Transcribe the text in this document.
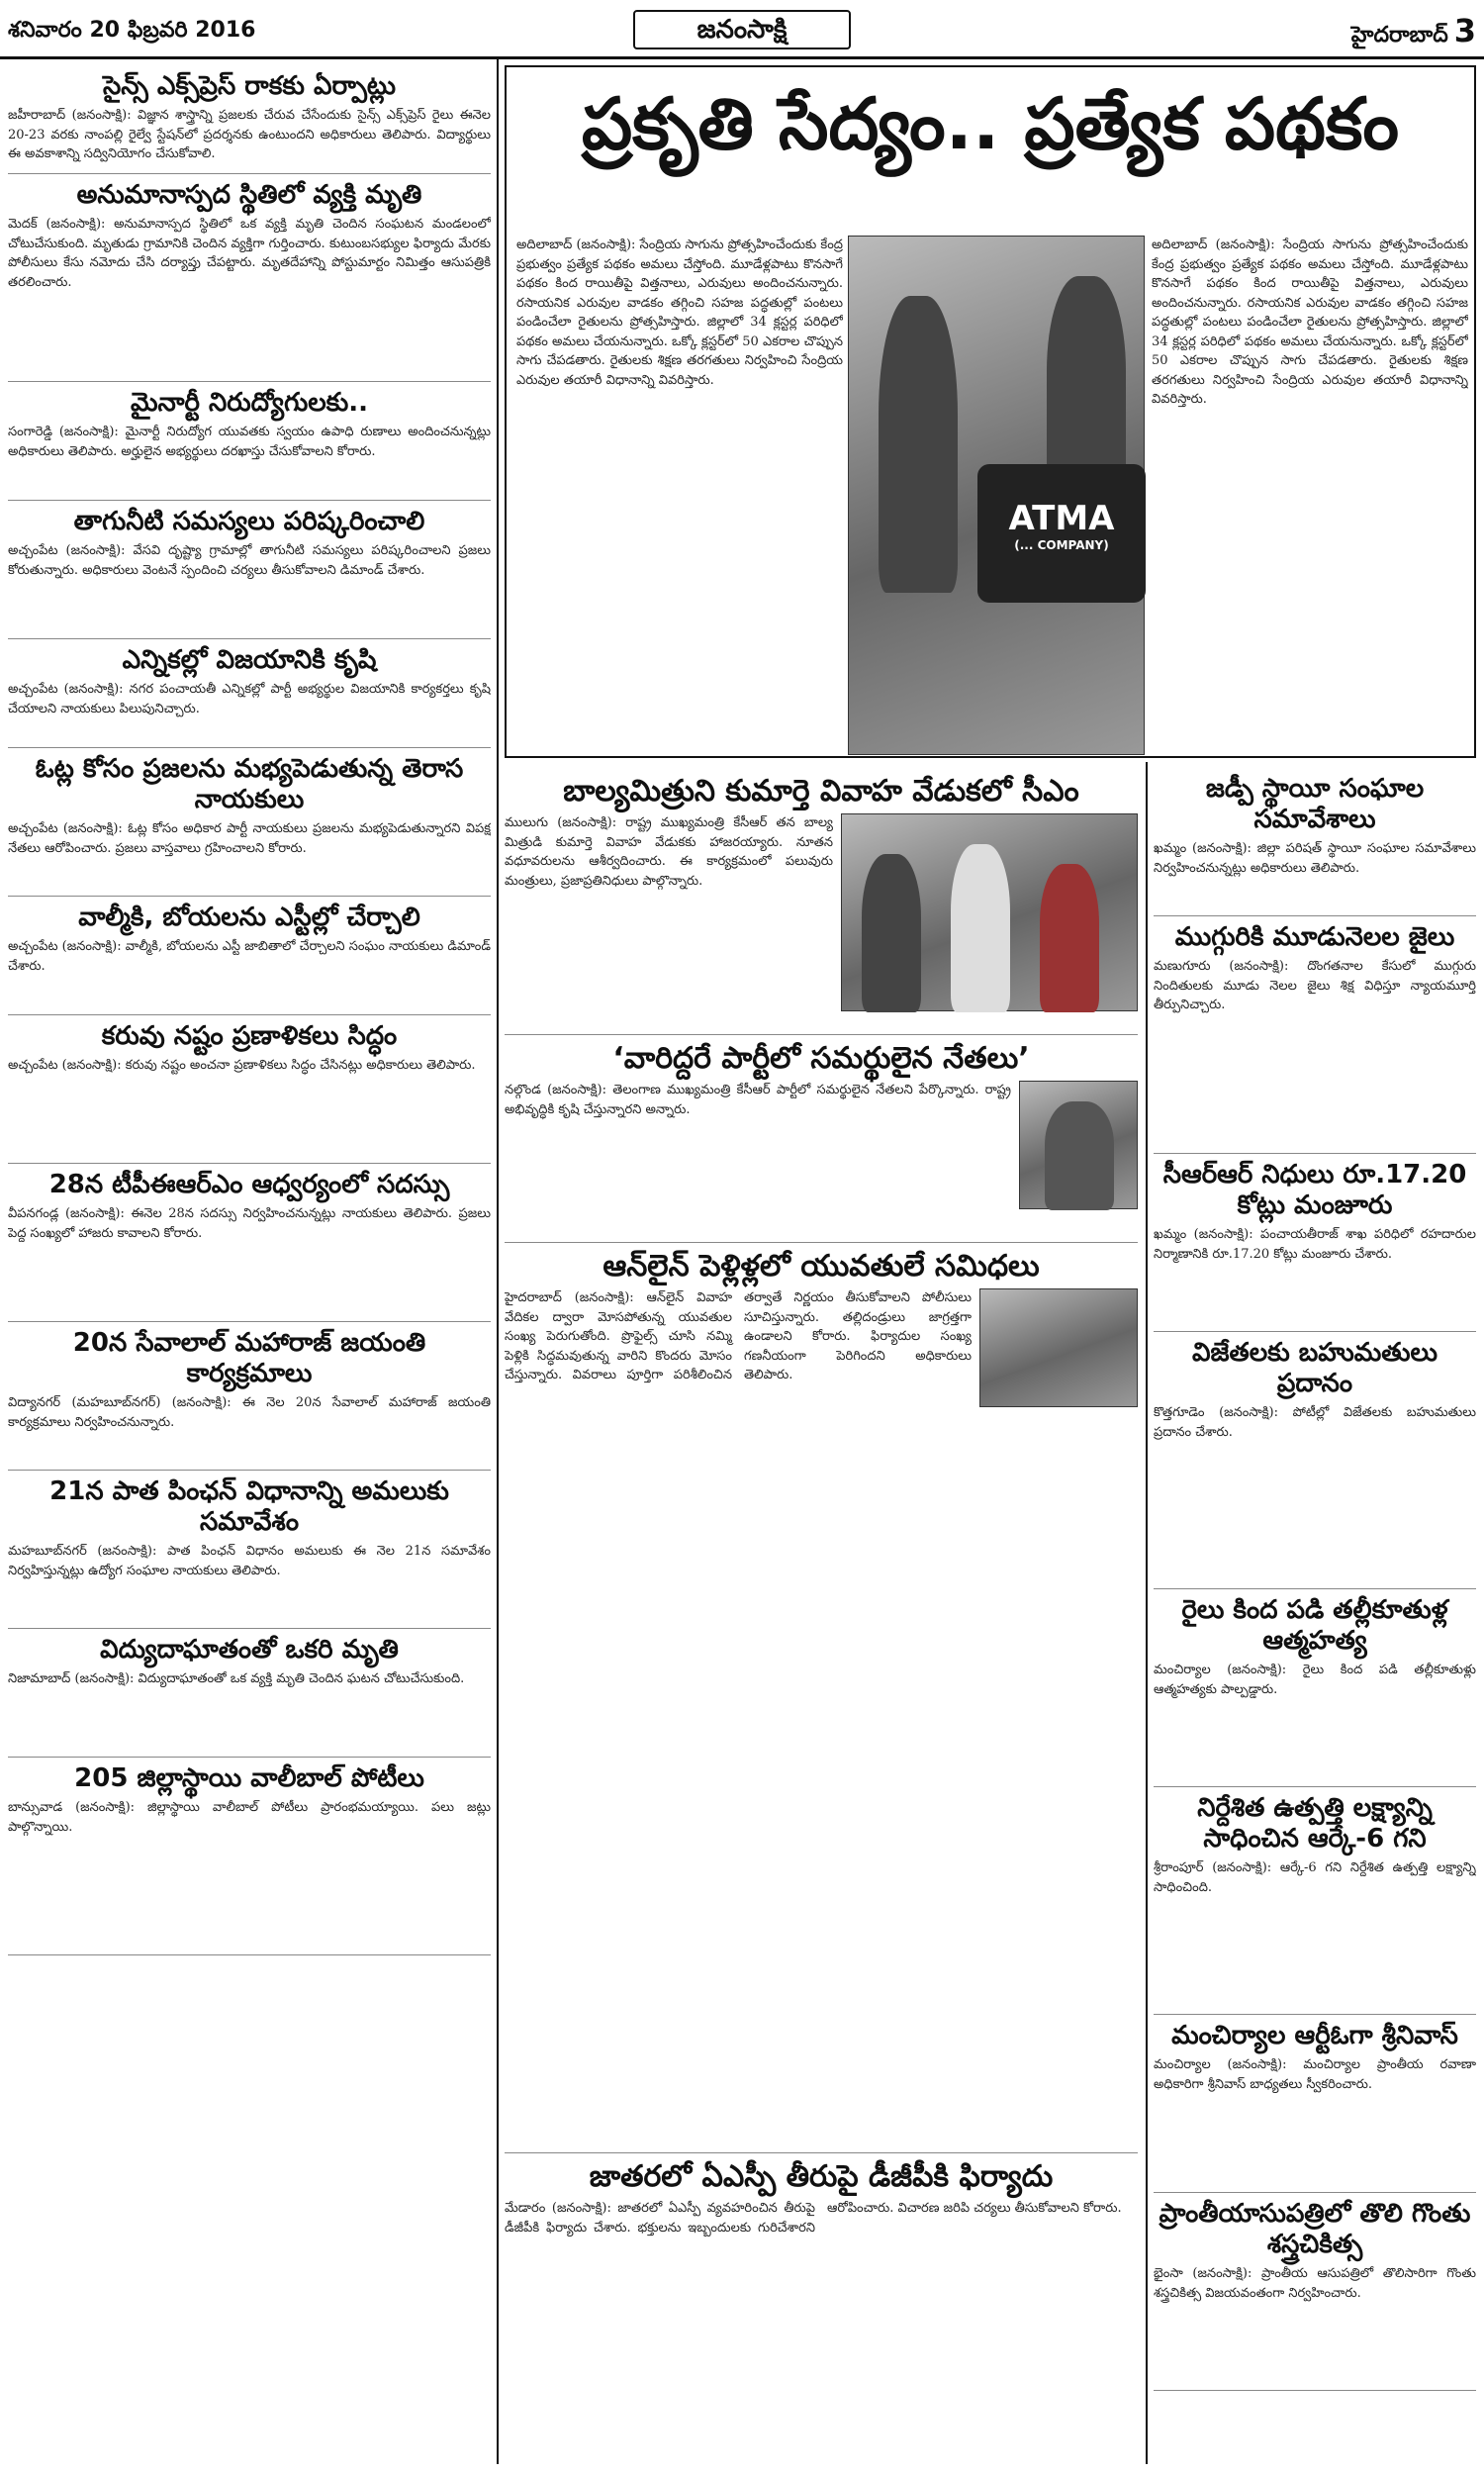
శనివారం 20 ఫిబ్రవరి 2016	జనంసాక్షి	హైదరాబాద్ 3
సైన్స్‌ ఎక్స్‌ప్రెస్‌ రాకకు ఏర్పాట్లు
జహీరాబాద్‌ (జనంసాక్షి): విజ్ఞాన శాస్త్రాన్ని ప్రజలకు చేరువ చేసేందుకు సైన్స్‌ ఎక్స్‌ప్రెస్‌ రైలు ఈనెల 20-23 వరకు నాంపల్లి రైల్వే స్టేషన్‌లో ప్రదర్శనకు ఉంటుందని అధికారులు తెలిపారు. విద్యార్థులు ఈ అవకాశాన్ని సద్వినియోగం చేసుకోవాలి.
అనుమానాస్పద స్థితిలో వ్యక్తి మృతి
మెదక్‌ (జనంసాక్షి): అనుమానాస్పద స్థితిలో ఒక వ్యక్తి మృతి చెందిన సంఘటన మండలంలో చోటుచేసుకుంది. మృతుడు గ్రామానికి చెందిన వ్యక్తిగా గుర్తించారు. కుటుంబసభ్యుల ఫిర్యాదు మేరకు పోలీసులు కేసు నమోదు చేసి దర్యాప్తు చేపట్టారు. మృతదేహాన్ని పోస్టుమార్టం నిమిత్తం ఆసుపత్రికి తరలించారు.
మైనార్టీ నిరుద్యోగులకు..
సంగారెడ్డి (జనంసాక్షి): మైనార్టీ నిరుద్యోగ యువతకు స్వయం ఉపాధి రుణాలు అందించనున్నట్లు అధికారులు తెలిపారు. అర్హులైన అభ్యర్థులు దరఖాస్తు చేసుకోవాలని కోరారు.
తాగునీటి సమస్యలు పరిష్కరించాలి
అచ్చంపేట (జనంసాక్షి): వేసవి దృష్ట్యా గ్రామాల్లో తాగునీటి సమస్యలు పరిష్కరించాలని ప్రజలు కోరుతున్నారు. అధికారులు వెంటనే స్పందించి చర్యలు తీసుకోవాలని డిమాండ్‌ చేశారు.
ఎన్నికల్లో విజయానికి కృషి
అచ్చంపేట (జనంసాక్షి): నగర పంచాయతీ ఎన్నికల్లో పార్టీ అభ్యర్థుల విజయానికి కార్యకర్తలు కృషి చేయాలని నాయకులు పిలుపునిచ్చారు.
ఓట్ల కోసం ప్రజలను మభ్యపెడుతున్న తెరాస నాయకులు
అచ్చంపేట (జనంసాక్షి): ఓట్ల కోసం అధికార పార్టీ నాయకులు ప్రజలను మభ్యపెడుతున్నారని విపక్ష నేతలు ఆరోపించారు. ప్రజలు వాస్తవాలు గ్రహించాలని కోరారు.
వాల్మీకి, బోయలను ఎస్టీల్లో చేర్చాలి
అచ్చంపేట (జనంసాక్షి): వాల్మీకి, బోయలను ఎస్టీ జాబితాలో చేర్చాలని సంఘం నాయకులు డిమాండ్‌ చేశారు.
కరువు నష్టం ప్రణాళికలు సిద్ధం
అచ్చంపేట (జనంసాక్షి): కరువు నష్టం అంచనా ప్రణాళికలు సిద్ధం చేసినట్లు అధికారులు తెలిపారు.
28న టీపీఈఆర్‌ఎం ఆధ్వర్యంలో సదస్సు
వీపనగండ్ల (జనంసాక్షి): ఈనెల 28న సదస్సు నిర్వహించనున్నట్లు నాయకులు తెలిపారు. ప్రజలు పెద్ద సంఖ్యలో హాజరు కావాలని కోరారు.
20న సేవాలాల్‌ మహారాజ్‌ జయంతి కార్యక్రమాలు
విద్యానగర్‌ (మహబూబ్‌నగర్‌) (జనంసాక్షి): ఈ నెల 20న సేవాలాల్‌ మహారాజ్‌ జయంతి కార్యక్రమాలు నిర్వహించనున్నారు.
21న పాత పింఛన్‌ విధానాన్ని అమలుకు సమావేశం
మహబూబ్‌నగర్‌ (జనంసాక్షి): పాత పింఛన్‌ విధానం అమలుకు ఈ నెల 21న సమావేశం నిర్వహిస్తున్నట్లు ఉద్యోగ సంఘాల నాయకులు తెలిపారు.
విద్యుదాఘాతంతో ఒకరి మృతి
నిజామాబాద్‌ (జనంసాక్షి): విద్యుదాఘాతంతో ఒక వ్యక్తి మృతి చెందిన ఘటన చోటుచేసుకుంది.
205 జిల్లాస్థాయి వాలీబాల్‌ పోటీలు
బాన్సువాడ (జనంసాక్షి): జిల్లాస్థాయి వాలీబాల్‌ పోటీలు ప్రారంభమయ్యాయి. పలు జట్లు పాల్గొన్నాయి.
ప్రకృతి సేద్యం.. ప్రత్యేక పథకం
అదిలాబాద్‌ (జనంసాక్షి): సేంద్రియ సాగును ప్రోత్సహించేందుకు కేంద్ర ప్రభుత్వం ప్రత్యేక పథకం అమలు చేస్తోంది. మూడేళ్లపాటు కొనసాగే పథకం కింద రాయితీపై విత్తనాలు, ఎరువులు అందించనున్నారు. రసాయనిక ఎరువుల వాడకం తగ్గించి సహజ పద్ధతుల్లో పంటలు పండించేలా రైతులను ప్రోత్సహిస్తారు. జిల్లాలో 34 క్లస్టర్ల పరిధిలో పథకం అమలు చేయనున్నారు. ఒక్కో క్లస్టర్‌లో 50 ఎకరాల చొప్పున సాగు చేపడతారు. రైతులకు శిక్షణ తరగతులు నిర్వహించి సేంద్రియ ఎరువుల తయారీ విధానాన్ని వివరిస్తారు.
ATMA
(... COMPANY)
అదిలాబాద్‌ (జనంసాక్షి): సేంద్రియ సాగును ప్రోత్సహించేందుకు కేంద్ర ప్రభుత్వం ప్రత్యేక పథకం అమలు చేస్తోంది. మూడేళ్లపాటు కొనసాగే పథకం కింద రాయితీపై విత్తనాలు, ఎరువులు అందించనున్నారు. రసాయనిక ఎరువుల వాడకం తగ్గించి సహజ పద్ధతుల్లో పంటలు పండించేలా రైతులను ప్రోత్సహిస్తారు. జిల్లాలో 34 క్లస్టర్ల పరిధిలో పథకం అమలు చేయనున్నారు. ఒక్కో క్లస్టర్‌లో 50 ఎకరాల చొప్పున సాగు చేపడతారు. రైతులకు శిక్షణ తరగతులు నిర్వహించి సేంద్రియ ఎరువుల తయారీ విధానాన్ని వివరిస్తారు.
బాల్యమిత్రుని కుమార్తె వివాహ వేడుకలో సీఎం
ములుగు (జనంసాక్షి): రాష్ట్ర ముఖ్యమంత్రి కేసీఆర్‌ తన బాల్య మిత్రుడి కుమార్తె వివాహ వేడుకకు హాజరయ్యారు. నూతన వధూవరులను ఆశీర్వదించారు. ఈ కార్యక్రమంలో పలువురు మంత్రులు, ప్రజాప్రతినిధులు పాల్గొన్నారు.
‘వారిద్దరే పార్టీలో సమర్థులైన నేతలు’
నల్గొండ (జనంసాక్షి): తెలంగాణ ముఖ్యమంత్రి కేసీఆర్‌ పార్టీలో సమర్థులైన నేతలని పేర్కొన్నారు. రాష్ట్ర అభివృద్ధికి కృషి చేస్తున్నారని అన్నారు.
ఆన్‌లైన్‌ పెళ్లిళ్లలో యువతులే సమిధలు
హైదరాబాద్‌ (జనంసాక్షి): ఆన్‌లైన్‌ వివాహ వేదికల ద్వారా మోసపోతున్న యువతుల సంఖ్య పెరుగుతోంది. ప్రొఫైల్స్‌ చూసి నమ్మి పెళ్లికి సిద్ధమవుతున్న వారిని కొందరు మోసం చేస్తున్నారు. వివరాలు పూర్తిగా పరిశీలించిన తర్వాతే నిర్ణయం తీసుకోవాలని పోలీసులు సూచిస్తున్నారు. తల్లిదండ్రులు జాగ్రత్తగా ఉండాలని కోరారు. ఫిర్యాదుల సంఖ్య గణనీయంగా పెరిగిందని అధికారులు తెలిపారు.
జాతరలో ఏఎస్పీ తీరుపై డీజీపీకి ఫిర్యాదు
మేడారం (జనంసాక్షి): జాతరలో ఏఎస్పీ వ్యవహరించిన తీరుపై డీజీపీకి ఫిర్యాదు చేశారు. భక్తులను ఇబ్బందులకు గురిచేశారని ఆరోపించారు. విచారణ జరిపి చర్యలు తీసుకోవాలని కోరారు.
జడ్పీ స్థాయీ సంఘాల సమావేశాలు
ఖమ్మం (జనంసాక్షి): జిల్లా పరిషత్‌ స్థాయీ సంఘాల సమావేశాలు నిర్వహించనున్నట్లు అధికారులు తెలిపారు.
ముగ్గురికి మూడునెలల జైలు
మణుగూరు (జనంసాక్షి): దొంగతనాల కేసులో ముగ్గురు నిందితులకు మూడు నెలల జైలు శిక్ష విధిస్తూ న్యాయమూర్తి తీర్పునిచ్చారు.
సీఆర్‌ఆర్‌ నిధులు రూ.17.20 కోట్లు మంజూరు
ఖమ్మం (జనంసాక్షి): పంచాయతీరాజ్‌ శాఖ పరిధిలో రహదారుల నిర్మాణానికి రూ.17.20 కోట్లు మంజూరు చేశారు.
విజేతలకు బహుమతులు ప్రదానం
కొత్తగూడెం (జనంసాక్షి): పోటీల్లో విజేతలకు బహుమతులు ప్రదానం చేశారు.
రైలు కింద పడి తల్లీకూతుళ్ల ఆత్మహత్య
మంచిర్యాల (జనంసాక్షి): రైలు కింద పడి తల్లీకూతుళ్లు ఆత్మహత్యకు పాల్పడ్డారు.
నిర్దేశిత ఉత్పత్తి లక్ష్యాన్ని సాధించిన ఆర్కే-6 గని
శ్రీరాంపూర్‌ (జనంసాక్షి): ఆర్కే-6 గని నిర్దేశిత ఉత్పత్తి లక్ష్యాన్ని సాధించింది.
మంచిర్యాల ఆర్టీఓగా శ్రీనివాస్‌
మంచిర్యాల (జనంసాక్షి): మంచిర్యాల ప్రాంతీయ రవాణా అధికారిగా శ్రీనివాస్‌ బాధ్యతలు స్వీకరించారు.
ప్రాంతీయాసుపత్రిలో తొలి గొంతు శస్త్రచికిత్స
భైంసా (జనంసాక్షి): ప్రాంతీయ ఆసుపత్రిలో తొలిసారిగా గొంతు శస్త్రచికిత్స విజయవంతంగా నిర్వహించారు.
